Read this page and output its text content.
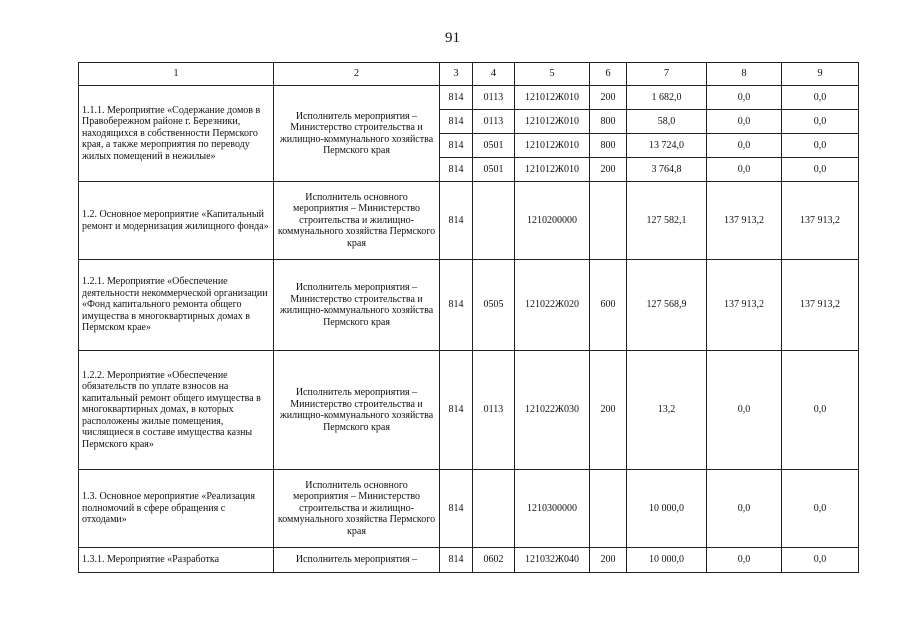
91
1	2	3	4	5	6	7	8	9
1.1.1. Мероприятие «Содержание домов в Правобережном районе г. Березники, находящихся в собственности Пермского края, а также мероприятия по переводу жилых помещений в нежилые»	Исполнитель мероприятия – Министерство строительства и жилищно-коммунального хозяйства Пермского края	814	0113	121012Ж010	200	1 682,0	0,0	0,0
		814	0113	121012Ж010	800	58,0	0,0	0,0
		814	0501	121012Ж010	800	13 724,0	0,0	0,0
		814	0501	121012Ж010	200	3 764,8	0,0	0,0
1.2. Основное мероприятие «Капитальный ремонт и модернизация жилищного фонда»	Исполнитель основного мероприятия – Министерство строительства и жилищно-коммунального хозяйства Пермского края	814		1210200000		127 582,1	137 913,2	137 913,2
1.2.1. Мероприятие «Обеспечение деятельности некоммерческой организации «Фонд капитального ремонта общего имущества в многоквартирных домах в Пермском крае»	Исполнитель мероприятия – Министерство строительства и жилищно-коммунального хозяйства Пермского края	814	0505	121022Ж020	600	127 568,9	137 913,2	137 913,2
1.2.2. Мероприятие «Обеспечение обязательств по уплате взносов на капитальный ремонт общего имущества в многоквартирных домах, в которых расположены жилые помещения, числящиеся в составе имущества казны Пермского края»	Исполнитель мероприятия – Министерство строительства и жилищно-коммунального хозяйства Пермского края	814	0113	121022Ж030	200	13,2	0,0	0,0
1.3. Основное мероприятие «Реализация полномочий в сфере обращения с отходами»	Исполнитель основного мероприятия – Министерство строительства и жилищно-коммунального хозяйства Пермского края	814		1210300000		10 000,0	0,0	0,0
1.3.1. Мероприятие «Разработка	Исполнитель мероприятия –	814	0602	121032Ж040	200	10 000,0	0,0	0,0
